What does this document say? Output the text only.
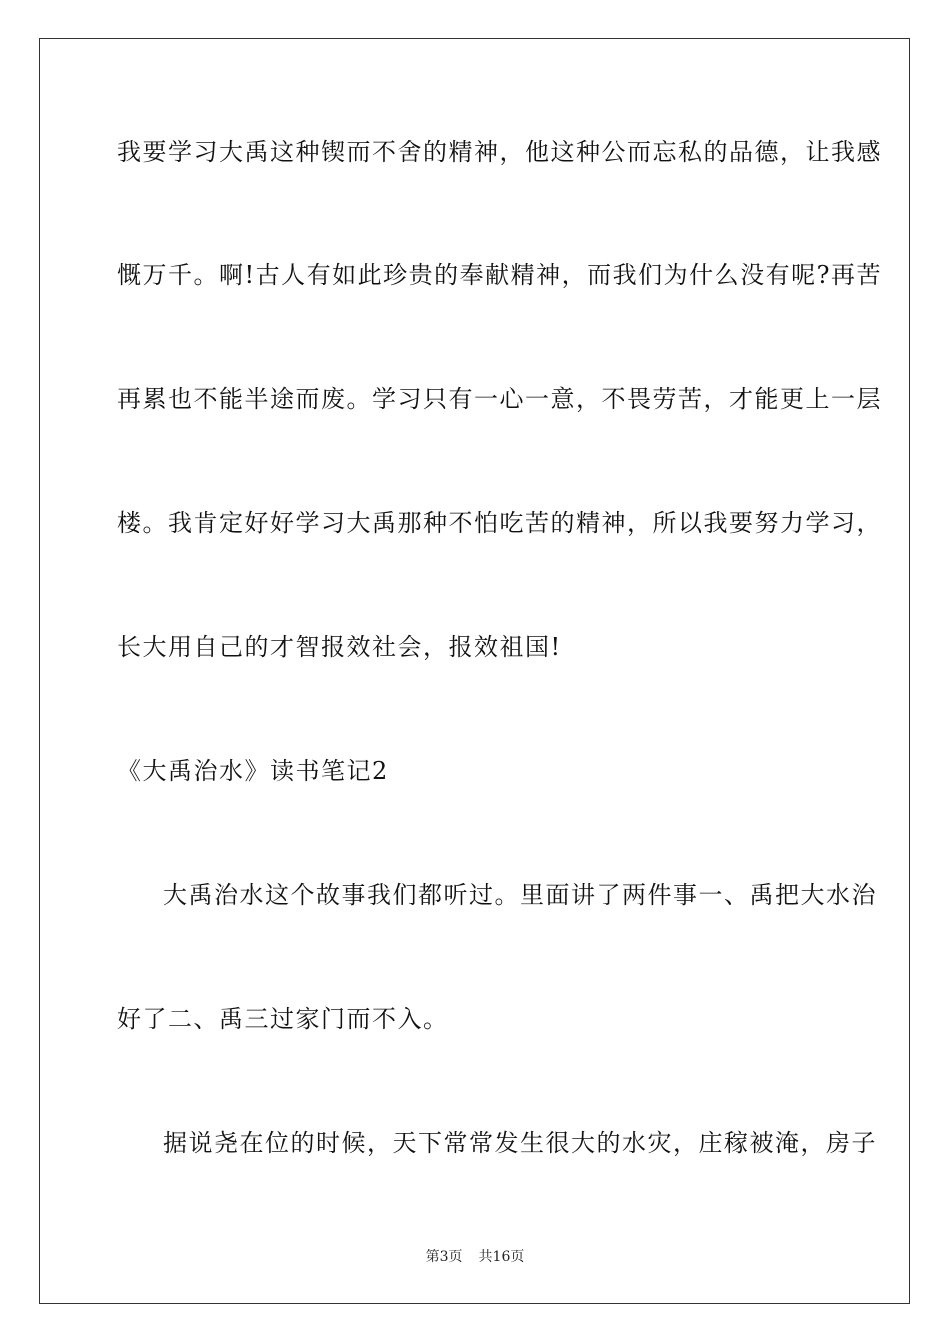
我要学习大禹这种锲而不舍的精神，他这种公而忘私的品德，让我感
慨万千。啊!古人有如此珍贵的奉献精神，而我们为什么没有呢?再苦
再累也不能半途而废。学习只有一心一意，不畏劳苦，才能更上一层
楼。我肯定好好学习大禹那种不怕吃苦的精神，所以我要努力学习，
长大用自己的才智报效社会，报效祖国!
《大禹治水》读书笔记2
大禹治水这个故事我们都听过。里面讲了两件事一、禹把大水治
好了二、禹三过家门而不入。
据说尧在位的时候，天下常常发生很大的水灾，庄稼被淹，房子
第3页 共16页
